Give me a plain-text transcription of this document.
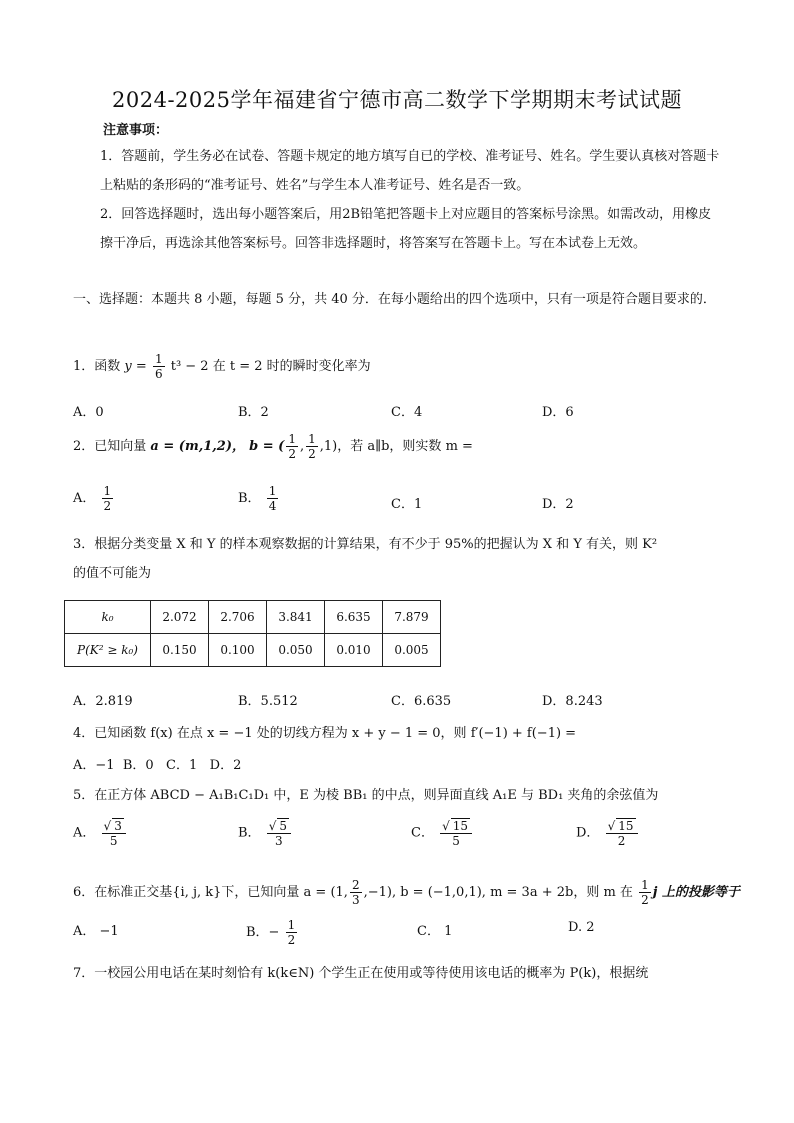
2024-2025学年福建省宁德市高二数学下学期期末考试试题
注意事项：
1．答题前，学生务必在试卷、答题卡规定的地方填写自已的学校、准考证号、姓名。学生要认真核对答题卡上粘贴的条形码的“准考证号、姓名”与学生本人准考证号、姓名是否一致。
2．回答选择题时，选出每小题答案后，用2B铅笔把答题卡上对应题目的答案标号涂黑。如需改动，用橡皮擦干净后，再选涂其他答案标号。回答非选择题时，将答案写在答题卡上。写在本试卷上无效。
一、选择题：本题共 8 小题，每题 5 分，共 40 分．在每小题给出的四个选项中，只有一项是符合题目要求的．
1．函数 $y = \frac{1}{6} t^3 - 2$ 在 t = 2 时的瞬时变化率为
A．0	B．2	C．4	D．6
2．已知向量 a = (m,1,2)， b = ( $\frac{1}{2}$ , $\frac{1}{2} ,1$)，若 a∥b，则实数 m =
A． $\frac{1}{2}$	B． $\frac{1}{4}$	C．1	D．2
3．根据分类变量 X 和 Y 的样本观察数据的计算结果，有不少于 95%的把握认为 X 和 Y 有关，则 K²
的值不可能为
k₀	2.072	2.706	3.841	6.635	7.879
P(K² ≥ k₀)	0.150	0.100	0.050	0.010	0.005
A．2.819	B．5.512	C．6.635	D．8.243
4．已知函数 f(x) 在点 x = −1 处的切线方程为 x + y − 1 = 0，则 f′(−1) + f(−1) =
A．−1  B．0   C．1   D．2
5．在正方体 ABCD − A₁B₁C₁D₁ 中，E 为棱 BB₁ 的中点，则异面直线 A₁E 与 BD₁ 夹角的余弦值为
A． $\frac{√ 3}{5}$	B． $\frac{√ 5}{3}$	C． $\frac{√ 15}{5}$	D． $\frac{√ 15}{2}$
6．在标准正交基{i, j, k}下，已知向量 a = (1, $\frac{2}{3} ,-1$), b = (−1,0,1), m = 3a + 2b，则 m 在 $\frac{1}{2}$ j 上的投影等于
A． −1	B．− $\frac{1}{2}$	C． 1	D. 2
7．一校园公用电话在某时刻恰有 k(k∈N) 个学生正在使用或等待使用该电话的概率为 P(k)，根据统
